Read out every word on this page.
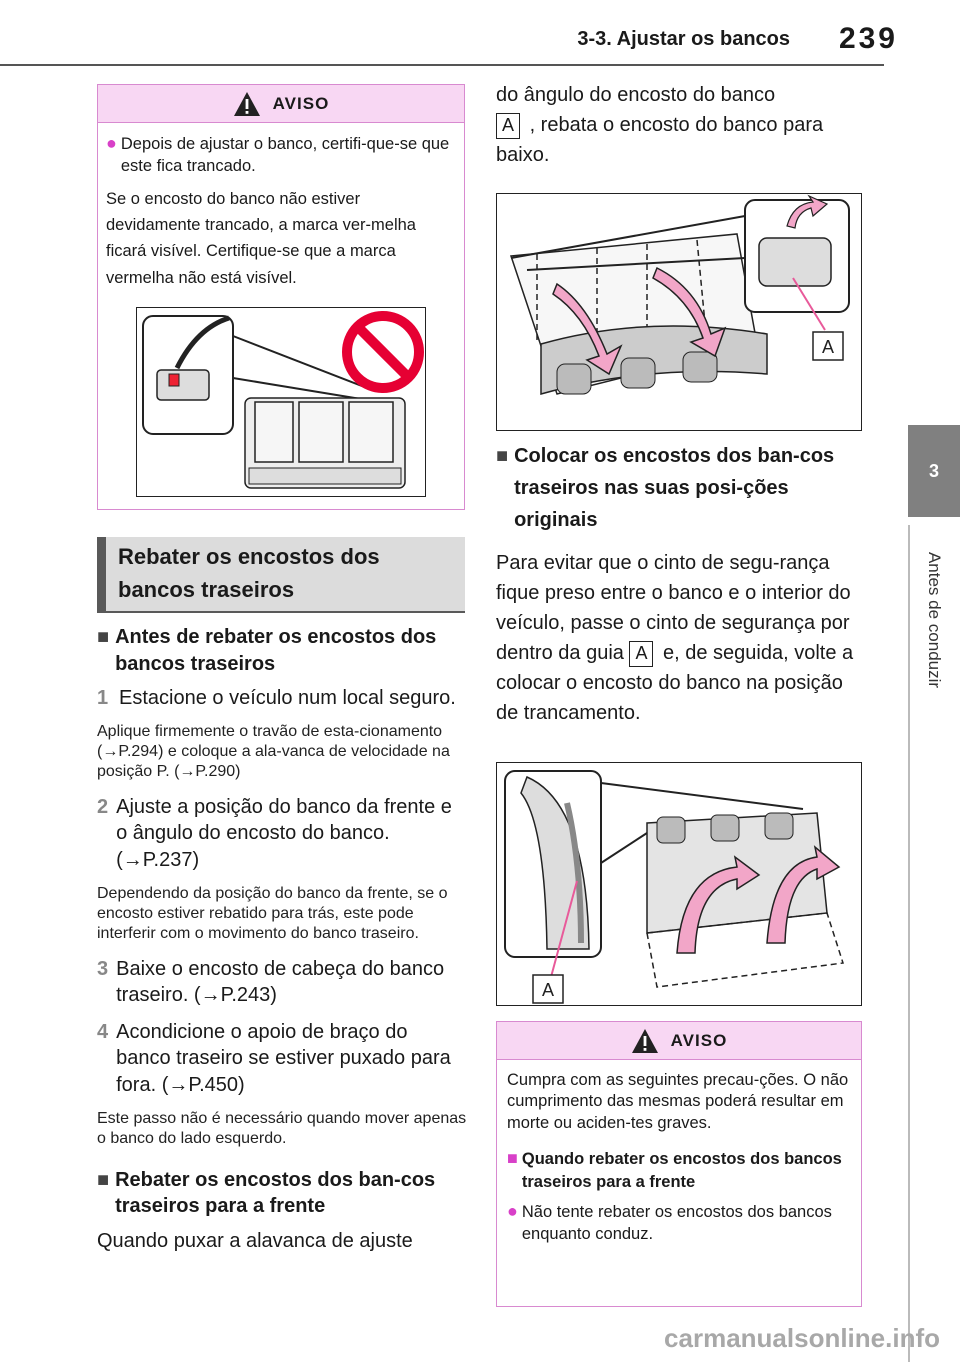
3-3. Ajustar os bancos 239
3
Antes de conduzir
AVISO
● Depois de ajustar o banco, certifi-que-se que este fica trancado.
Se o encosto do banco não estiver devidamente trancado, a marca ver-melha ficará visível. Certifique-se que a marca vermelha não está visível.
Rebater os encostos dos bancos traseiros
■ Antes de rebater os encostos dos bancos traseiros
1 Estacione o veículo num local seguro.
Aplique firmemente o travão de esta-cionamento (→P.294) e coloque a ala-vanca de velocidade na posição P. (→P.290)
2 Ajuste a posição do banco da frente e o ângulo do encosto do banco. (→P.237)
Dependendo da posição do banco da frente, se o encosto estiver rebatido para trás, este pode interferir com o movimento do banco traseiro.
3 Baixe o encosto de cabeça do banco traseiro. (→P.243)
4 Acondicione o apoio de braço do banco traseiro se estiver puxado para fora. (→P.450)
Este passo não é necessário quando mover apenas o banco do lado esquerdo.
■ Rebater os encostos dos ban-cos traseiros para a frente
Quando puxar a alavanca de ajuste
do ângulo do encosto do banco
A , rebata o encosto do banco para baixo.
A
■ Colocar os encostos dos ban-cos traseiros nas suas posi-ções originais
Para evitar que o cinto de segu-rança fique preso entre o banco e o interior do veículo, passe o cinto de segurança por dentro da guia A e, de seguida, volte a colocar o encosto do banco na posição de trancamento.
A
AVISO
Cumpra com as seguintes precau-ções. O não cumprimento das mesmas poderá resultar em morte ou aciden-tes graves.
■ Quando rebater os encostos dos bancos traseiros para a frente
● Não tente rebater os encostos dos bancos enquanto conduz.
carmanualsonline.info
